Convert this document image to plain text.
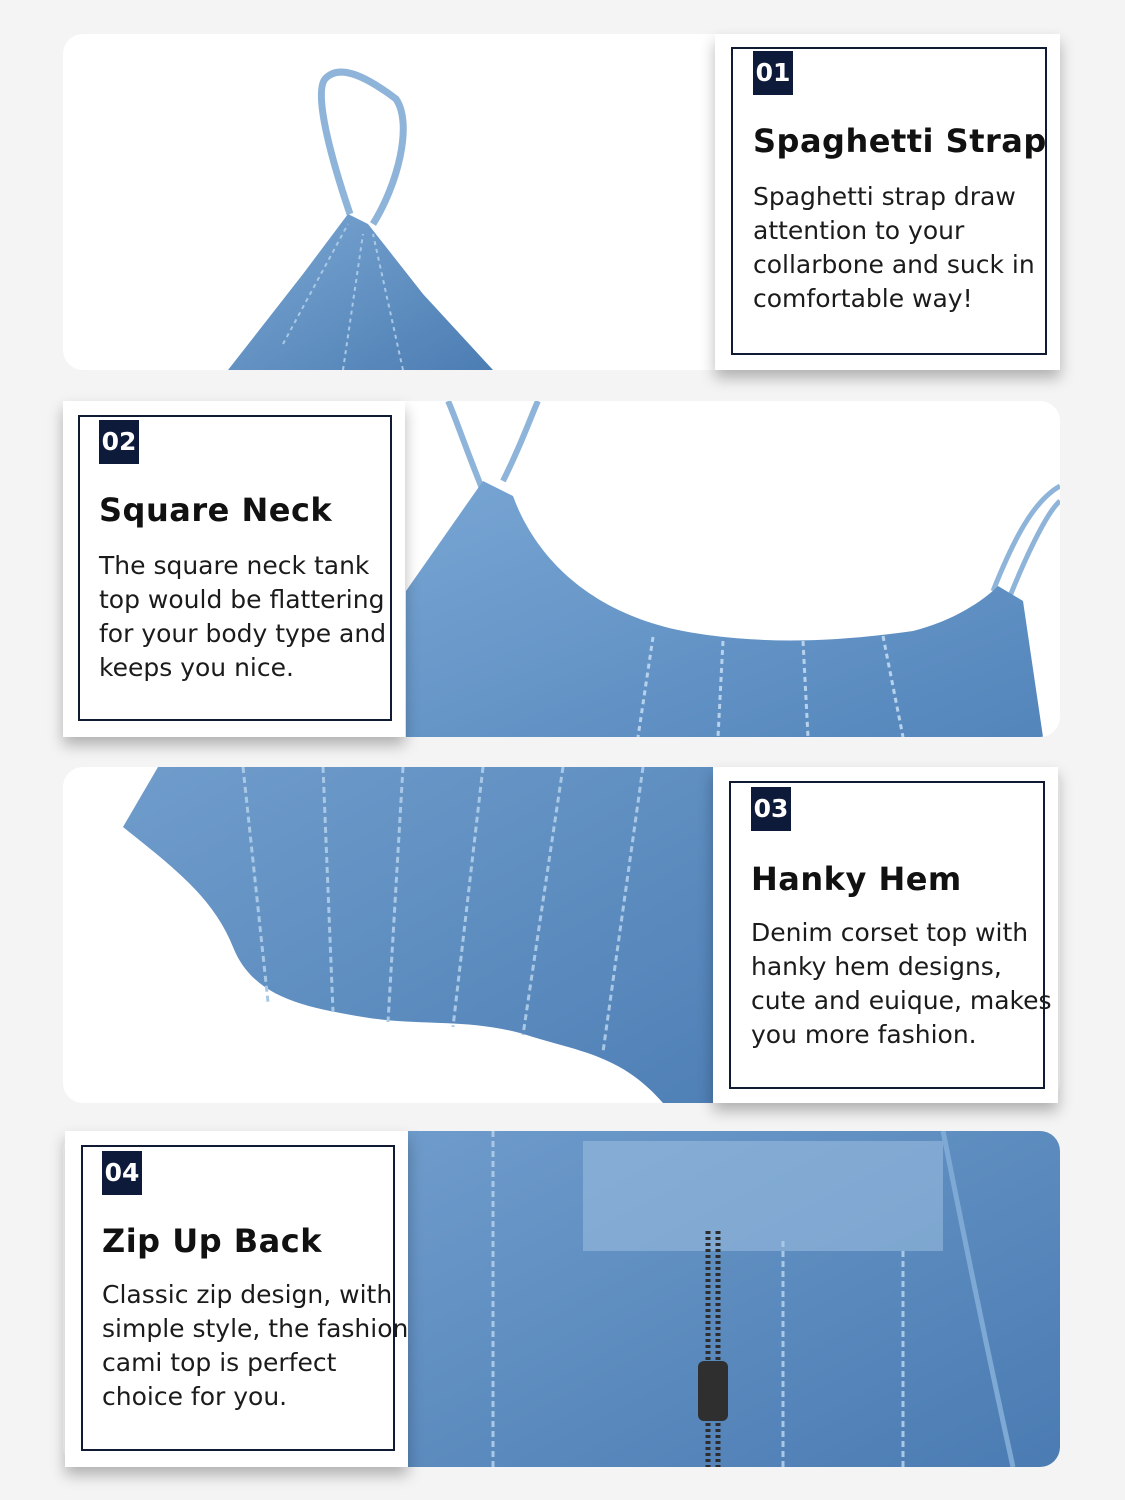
01
Spaghetti Strap

Spaghetti strap draw

attention to your

collarbone and suck in

comfortable way!

02
Square Neck

The square neck tank

top would be flattering

for your body type and

keeps you nice.

03
Hanky Hem

Denim corset top with

hanky hem designs,

cute and euique, makes

you more fashion.

04
Zip Up Back

Classic zip design, with

simple style, the fashion

cami top is perfect

choice for you.
